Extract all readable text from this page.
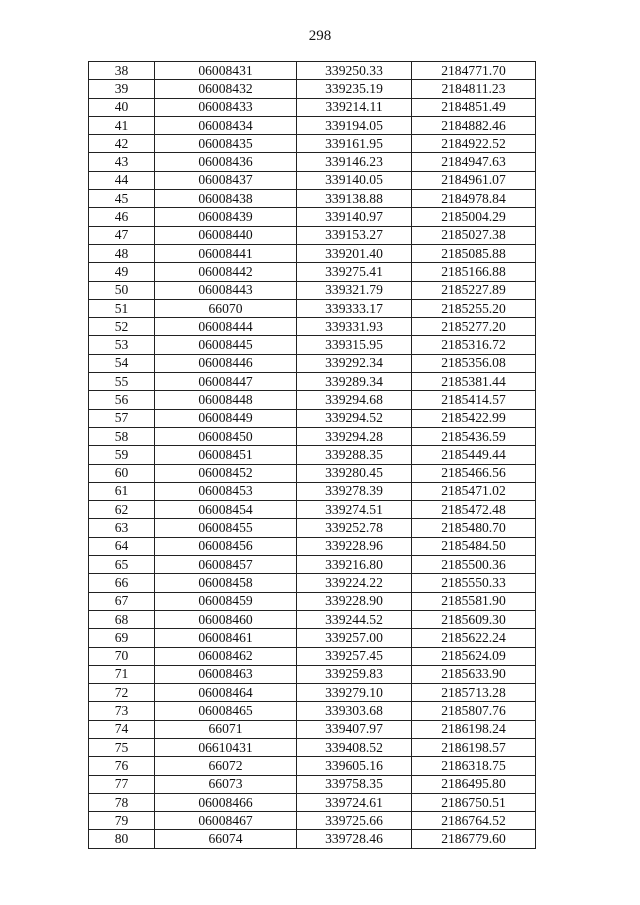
298
38	06008431	339250.33	2184771.70
39	06008432	339235.19	2184811.23
40	06008433	339214.11	2184851.49
41	06008434	339194.05	2184882.46
42	06008435	339161.95	2184922.52
43	06008436	339146.23	2184947.63
44	06008437	339140.05	2184961.07
45	06008438	339138.88	2184978.84
46	06008439	339140.97	2185004.29
47	06008440	339153.27	2185027.38
48	06008441	339201.40	2185085.88
49	06008442	339275.41	2185166.88
50	06008443	339321.79	2185227.89
51	66070	339333.17	2185255.20
52	06008444	339331.93	2185277.20
53	06008445	339315.95	2185316.72
54	06008446	339292.34	2185356.08
55	06008447	339289.34	2185381.44
56	06008448	339294.68	2185414.57
57	06008449	339294.52	2185422.99
58	06008450	339294.28	2185436.59
59	06008451	339288.35	2185449.44
60	06008452	339280.45	2185466.56
61	06008453	339278.39	2185471.02
62	06008454	339274.51	2185472.48
63	06008455	339252.78	2185480.70
64	06008456	339228.96	2185484.50
65	06008457	339216.80	2185500.36
66	06008458	339224.22	2185550.33
67	06008459	339228.90	2185581.90
68	06008460	339244.52	2185609.30
69	06008461	339257.00	2185622.24
70	06008462	339257.45	2185624.09
71	06008463	339259.83	2185633.90
72	06008464	339279.10	2185713.28
73	06008465	339303.68	2185807.76
74	66071	339407.97	2186198.24
75	06610431	339408.52	2186198.57
76	66072	339605.16	2186318.75
77	66073	339758.35	2186495.80
78	06008466	339724.61	2186750.51
79	06008467	339725.66	2186764.52
80	66074	339728.46	2186779.60
